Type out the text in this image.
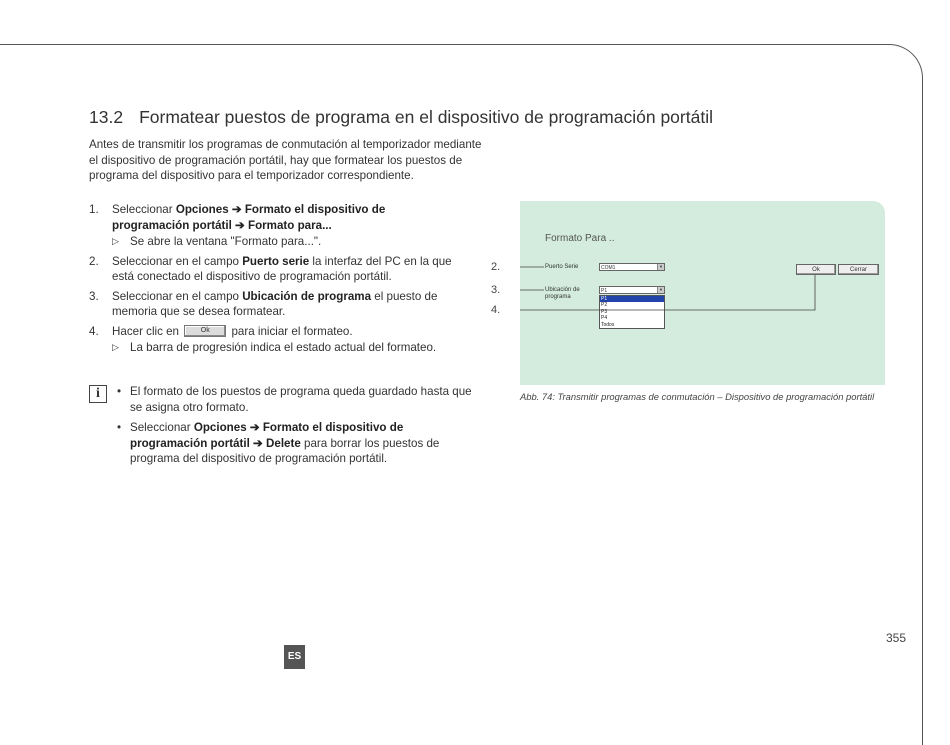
13.2 Formatear puestos de programa en el dispositivo de programación portátil

Antes de transmitir los programas de conmutación al temporizador mediante el dispositivo de programación portátil, hay que formatear los puestos de programa del dispositivo para el temporizador correspondiente.

1. Seleccionar Opciones ➔ Formato el dispositivo de programación portátil ➔ Formato para...
▷ Se abre la ventana "Formato para...".
2. Seleccionar en el campo Puerto serie la interfaz del PC en la que está conectado el dispositivo de programación portátil.
3. Seleccionar en el campo Ubicación de programa el puesto de memoria que se desea formatear.
4. Hacer clic en	Ok para iniciar el formateo.
▷ La barra de progresión indica el estado actual del formateo.
i	• El formato de los puestos de programa queda guardado hasta que se asigna otro formato.
• Seleccionar Opciones ➔ Formato el dispositivo de programación portátil ➔ Delete para borrar los puestos de programa del dispositivo de programación portátil.
Formato Para ..
Puerto Serie	COM1	▼
Ubicación de
programa
P1	▼
P1
P2
P3
P4
Todos
Ok	Cerrar
2.
3.
4.
Abb. 74: Transmitir programas de conmutación – Dispositivo de programación portátil
355
ES
